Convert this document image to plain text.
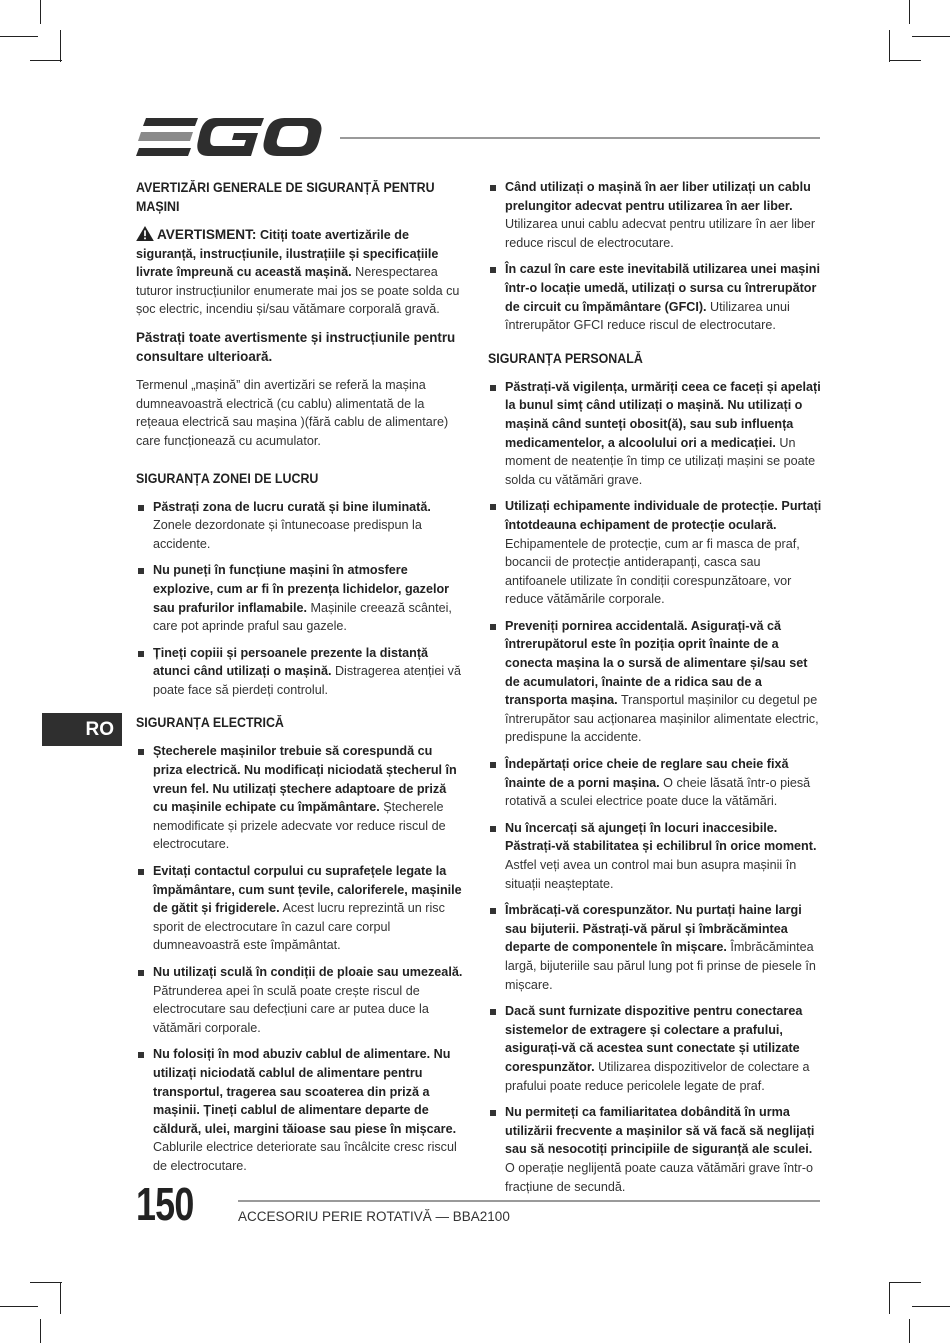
RO
AVERTIZĂRI GENERALE DE SIGURANȚĂ PENTRU MAȘINI
AVERTISMENT: Citiți toate avertizările de siguranță, instrucțiunile, ilustrațiile și specificațiile livrate împreună cu această mașină. Nerespectarea tuturor instrucțiunilor enumerate mai jos se poate solda cu șoc electric, incendiu și/sau vătămare corporală gravă.
Păstrați toate avertismente și instrucțiunile pentru consultare ulterioară.
Termenul „mașină” din avertizări se referă la mașina dumneavoastră electrică (cu cablu) alimentată de la rețeaua electrică sau mașina )(fără cablu de alimentare) care funcționează cu acumulator.
SIGURANȚA ZONEI DE LUCRU
Păstrați zona de lucru curată și bine iluminată. Zonele dezordonate și întunecoase predispun la accidente.
Nu puneți în funcțiune mașini în atmosfere explozive, cum ar fi în prezența lichidelor, gazelor sau prafurilor inflamabile. Mașinile creează scântei, care pot aprinde praful sau gazele.
Țineți copiii și persoanele prezente la distanță atunci când utilizați o mașină. Distragerea atenției vă poate face să pierdeți controlul.
SIGURANȚA ELECTRICĂ
Ștecherele mașinilor trebuie să corespundă cu priza electrică. Nu modificați niciodată ștecherul în vreun fel. Nu utilizați ștechere adaptoare de priză cu mașinile echipate cu împământare. Ștecherele nemodificate și prizele adecvate vor reduce riscul de electrocutare.
Evitați contactul corpului cu suprafețele legate la împământare, cum sunt țevile, caloriferele, mașinile de gătit și frigiderele. Acest lucru reprezintă un risc sporit de electrocutare în cazul care corpul dumneavoastră este împământat.
Nu utilizați sculă în condiții de ploaie sau umezeală. Pătrunderea apei în sculă poate crește riscul de electrocutare sau defecțiuni care ar putea duce la vătămări corporale.
Nu folosiți în mod abuziv cablul de alimentare. Nu utilizați niciodată cablul de alimentare pentru transportul, tragerea sau scoaterea din priză a mașinii. Țineți cablul de alimentare departe de căldură, ulei, margini tăioase sau piese în mișcare. Cablurile electrice deteriorate sau încâlcite cresc riscul de electrocutare.
Când utilizați o mașină în aer liber utilizați un cablu prelungitor adecvat pentru utilizarea în aer liber. Utilizarea unui cablu adecvat pentru utilizare în aer liber reduce riscul de electrocutare.
În cazul în care este inevitabilă utilizarea unei mașini într-o locație umedă, utilizați o sursa cu întrerupător de circuit cu împământare (GFCI). Utilizarea unui întrerupător GFCI reduce riscul de electrocutare.
SIGURANȚA PERSONALĂ
Păstrați-vă vigilența, urmăriți ceea ce faceți și apelați la bunul simț când utilizați o mașină. Nu utilizați o mașină când sunteți obosit(ă), sau sub influența medicamentelor, a alcoolului ori a medicației. Un moment de neatenție în timp ce utilizați mașini se poate solda cu vătămări grave.
Utilizați echipamente individuale de protecție. Purtați întotdeauna echipament de protecție oculară. Echipamentele de protecție, cum ar fi masca de praf, bocancii de protecție antiderapanți, casca sau antifoanele utilizate în condiții corespunzătoare, vor reduce vătămările corporale.
Preveniți pornirea accidentală. Asigurați-vă că întrerupătorul este în poziția oprit înainte de a conecta mașina la o sursă de alimentare și/sau set de acumulatori, înainte de a ridica sau de a transporta mașina. Transportul mașinilor cu degetul pe întrerupător sau acționarea mașinilor alimentate electric, predispune la accidente.
Îndepărtați orice cheie de reglare sau cheie fixă înainte de a porni mașina. O cheie lăsată într-o piesă rotativă a sculei electrice poate duce la vătămări.
Nu încercați să ajungeți în locuri inaccesibile. Păstrați-vă stabilitatea și echilibrul în orice moment. Astfel veți avea un control mai bun asupra mașinii în situații neașteptate.
Îmbrăcați-vă corespunzător. Nu purtați haine largi sau bijuterii. Păstrați-vă părul și îmbrăcămintea departe de componentele în mișcare. Îmbrăcămintea largă, bijuteriile sau părul lung pot fi prinse de piesele în mișcare.
Dacă sunt furnizate dispozitive pentru conectarea sistemelor de extragere și colectare a prafului, asigurați-vă că acestea sunt conectate și utilizate corespunzător. Utilizarea dispozitivelor de colectare a prafului poate reduce pericolele legate de praf.
Nu permiteți ca familiaritatea dobândită în urma utilizării frecvente a mașinilor să vă facă să neglijați sau să nesocotiți principiile de siguranță ale sculei. O operație neglijentă poate cauza vătămări grave într-o fracțiune de secundă.
150	ACCESORIU PERIE ROTATIVĂ — BBA2100
